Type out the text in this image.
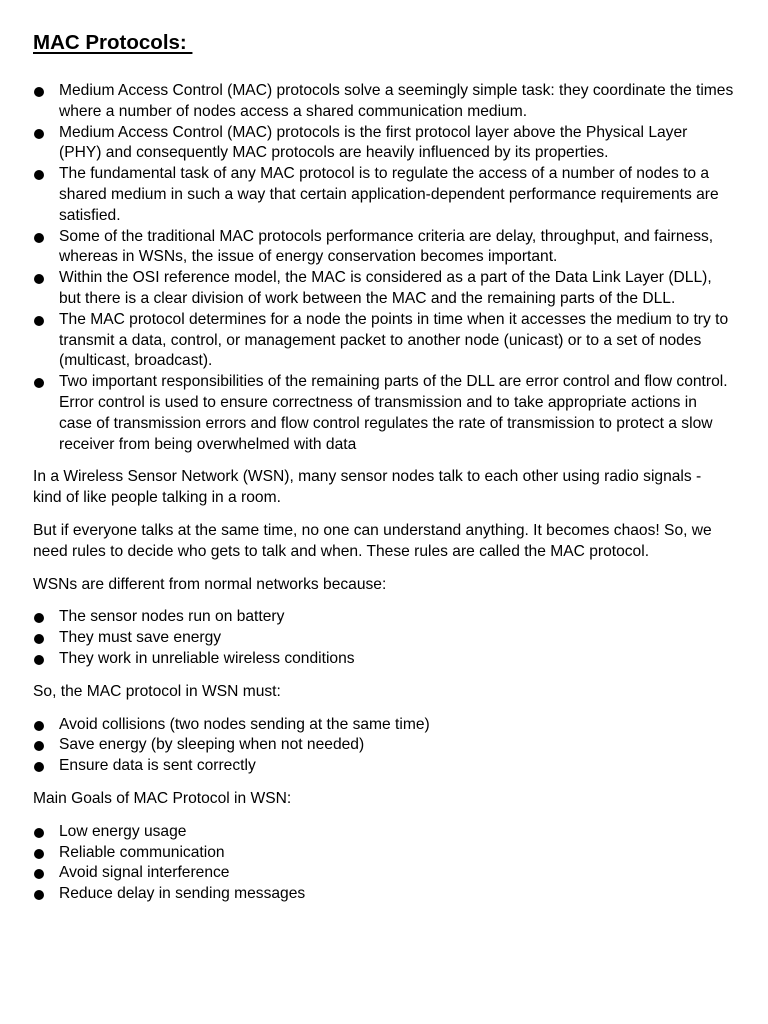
MAC Protocols:
Medium Access Control (MAC) protocols solve a seemingly simple task: they coordinate the times where a number of nodes access a shared communication medium.
Medium Access Control (MAC) protocols is the first protocol layer above the Physical Layer (PHY) and consequently MAC protocols are heavily influenced by its properties.
The fundamental task of any MAC protocol is to regulate the access of a number of nodes to a shared medium in such a way that certain application-dependent performance requirements are satisfied.
Some of the traditional MAC protocols performance criteria are delay, throughput, and fairness, whereas in WSNs, the issue of energy conservation becomes important.
Within the OSI reference model, the MAC is considered as a part of the Data Link Layer (DLL), but there is a clear division of work between the MAC and the remaining parts of the DLL.
The MAC protocol determines for a node the points in time when it accesses the medium to try to transmit a data, control, or management packet to another node (unicast) or to a set of nodes (multicast, broadcast).
Two important responsibilities of the remaining parts of the DLL are error control and flow control. Error control is used to ensure correctness of transmission and to take appropriate actions in case of transmission errors and flow control regulates the rate of transmission to protect a slow receiver from being overwhelmed with data

In a Wireless Sensor Network (WSN), many sensor nodes talk to each other using radio signals - kind of like people talking in a room.

But if everyone talks at the same time, no one can understand anything. It becomes chaos! So, we need rules to decide who gets to talk and when. These rules are called the MAC protocol.

WSNs are different from normal networks because:

The sensor nodes run on battery
They must save energy
They work in unreliable wireless conditions

So, the MAC protocol in WSN must:

Avoid collisions (two nodes sending at the same time)
Save energy (by sleeping when not needed)
Ensure data is sent correctly

Main Goals of MAC Protocol in WSN:

Low energy usage
Reliable communication
Avoid signal interference
Reduce delay in sending messages
